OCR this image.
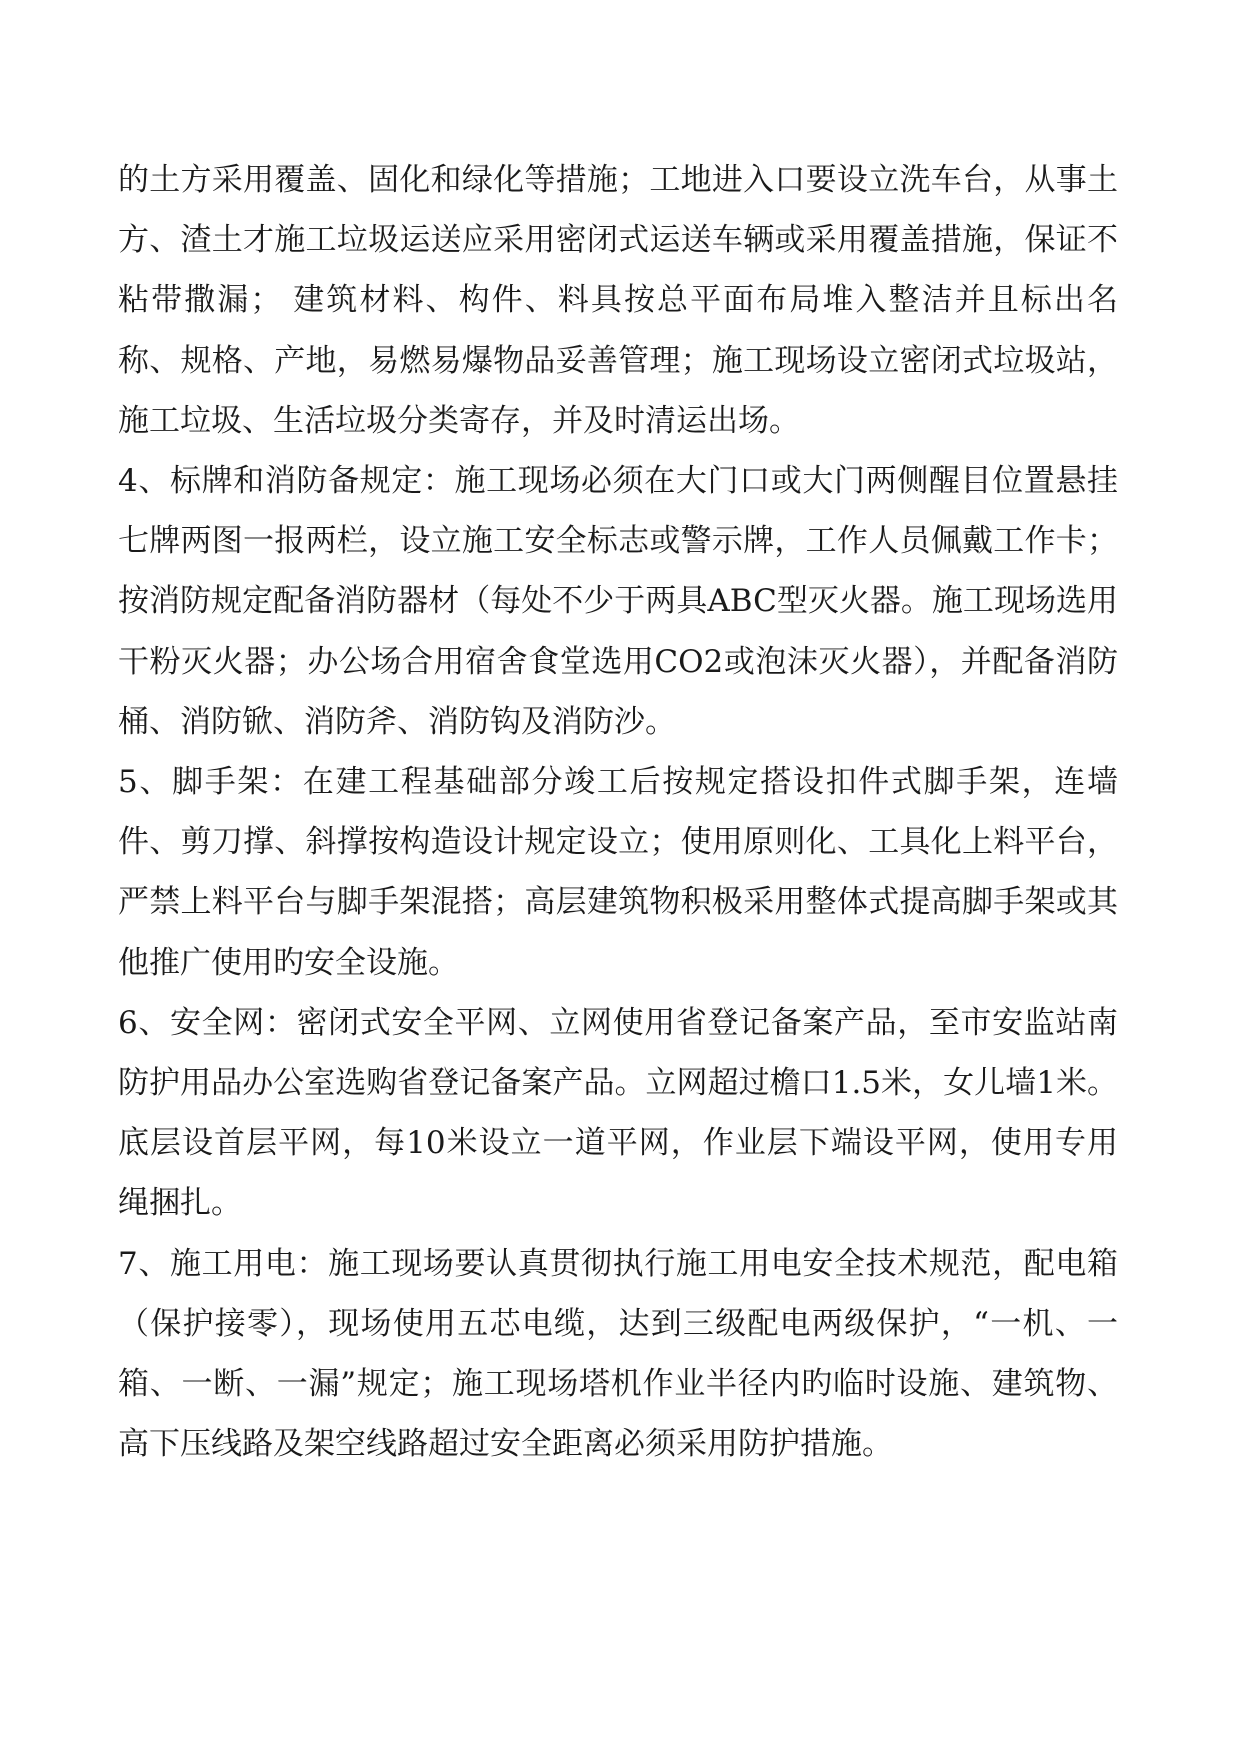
的土方采用覆盖、固化和绿化等措施；工地进入口要设立洗车台，从事土方、渣土才施工垃圾运送应采用密闭式运送车辆或采用覆盖措施，保证不粘带撒漏； 建筑材料、构件、料具按总平面布局堆入整洁并且标出名称、规格、产地，易燃易爆物品妥善管理；施工现场设立密闭式垃圾站，施工垃圾、生活垃圾分类寄存，并及时清运出场。

4、标牌和消防备规定：施工现场必须在大门口或大门两侧醒目位置悬挂七牌两图一报两栏，设立施工安全标志或警示牌，工作人员佩戴工作卡；按消防规定配备消防器材（每处不少于两具ABC型灭火器。施工现场选用干粉灭火器；办公场合用宿舍食堂选用CO2或泡沫灭火器），并配备消防桶、消防锨、消防斧、消防钩及消防沙。

5、脚手架：在建工程基础部分竣工后按规定搭设扣件式脚手架，连墙件、剪刀撑、斜撑按构造设计规定设立；使用原则化、工具化上料平台，严禁上料平台与脚手架混搭；高层建筑物积极采用整体式提高脚手架或其他推广使用旳安全设施。

6、安全网：密闭式安全平网、立网使用省登记备案产品，至市安监站南防护用品办公室选购省登记备案产品。立网超过檐口1.5米，女儿墙1米。底层设首层平网，每10米设立一道平网，作业层下端设平网，使用专用绳捆扎。

7、施工用电：施工现场要认真贯彻执行施工用电安全技术规范，配电箱（保护接零），现场使用五芯电缆，达到三级配电两级保护，“一机、一箱、一断、一漏”规定；施工现场塔机作业半径内旳临时设施、建筑物、高下压线路及架空线路超过安全距离必须采用防护措施。
